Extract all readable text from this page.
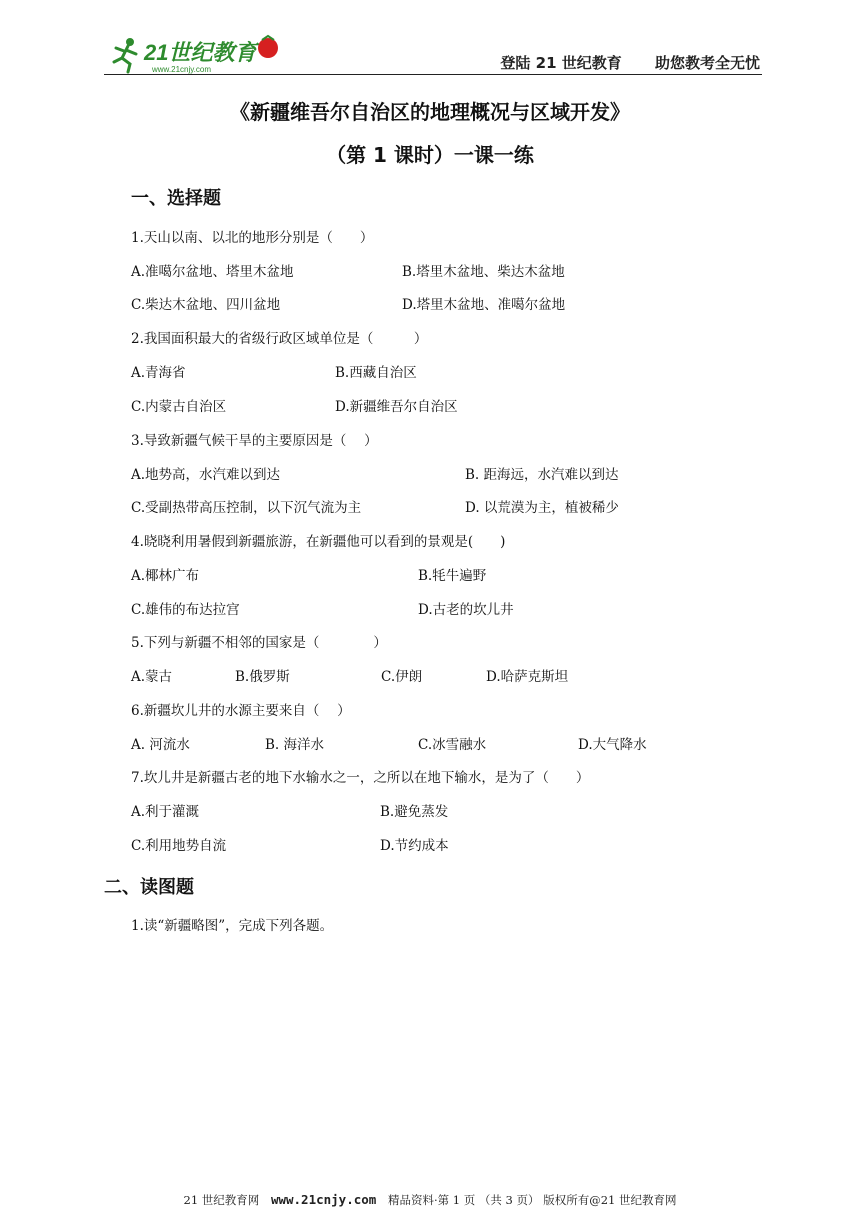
21世纪教育
www.21cnjy.com	登陆 21 世纪教育 助您教考全无忧
《新疆维吾尔自治区的地理概况与区域开发》
（第 1 课时）一课一练
一、选择题
1.天山以南、以北的地形分别是（　　）
A.准噶尔盆地、塔里木盆地	B.塔里木盆地、柴达木盆地
C.柴达木盆地、四川盆地	D.塔里木盆地、准噶尔盆地
2.我国面积最大的省级行政区域单位是（　　　）
A.青海省	B.西藏自治区
C.内蒙古自治区	D.新疆维吾尔自治区
3.导致新疆气候干旱的主要原因是（　 ）
A.地势高，水汽难以到达	B. 距海远，水汽难以到达
C.受副热带高压控制，以下沉气流为主	D. 以荒漠为主，植被稀少
4.晓晓利用暑假到新疆旅游，在新疆他可以看到的景观是(　　)
A.椰林广布	B.牦牛遍野
C.雄伟的布达拉宫	D.古老的坎儿井
5.下列与新疆不相邻的国家是（　　　　）
A.蒙古	B.俄罗斯	C.伊朗	D.哈萨克斯坦
6.新疆坎儿井的水源主要来自（　 ）
A. 河流水	B. 海洋水	C.冰雪融水	D.大气降水
7.坎儿井是新疆古老的地下水输水之一，之所以在地下输水，是为了（　　）
A.利于灌溉	B.避免蒸发
C.利用地势自流	D.节约成本
二、读图题
1.读“新疆略图”，完成下列各题。
21 世纪教育网 www.21cnjy.com 精品资料·第 1 页 （共 3 页） 版权所有@21 世纪教育网
